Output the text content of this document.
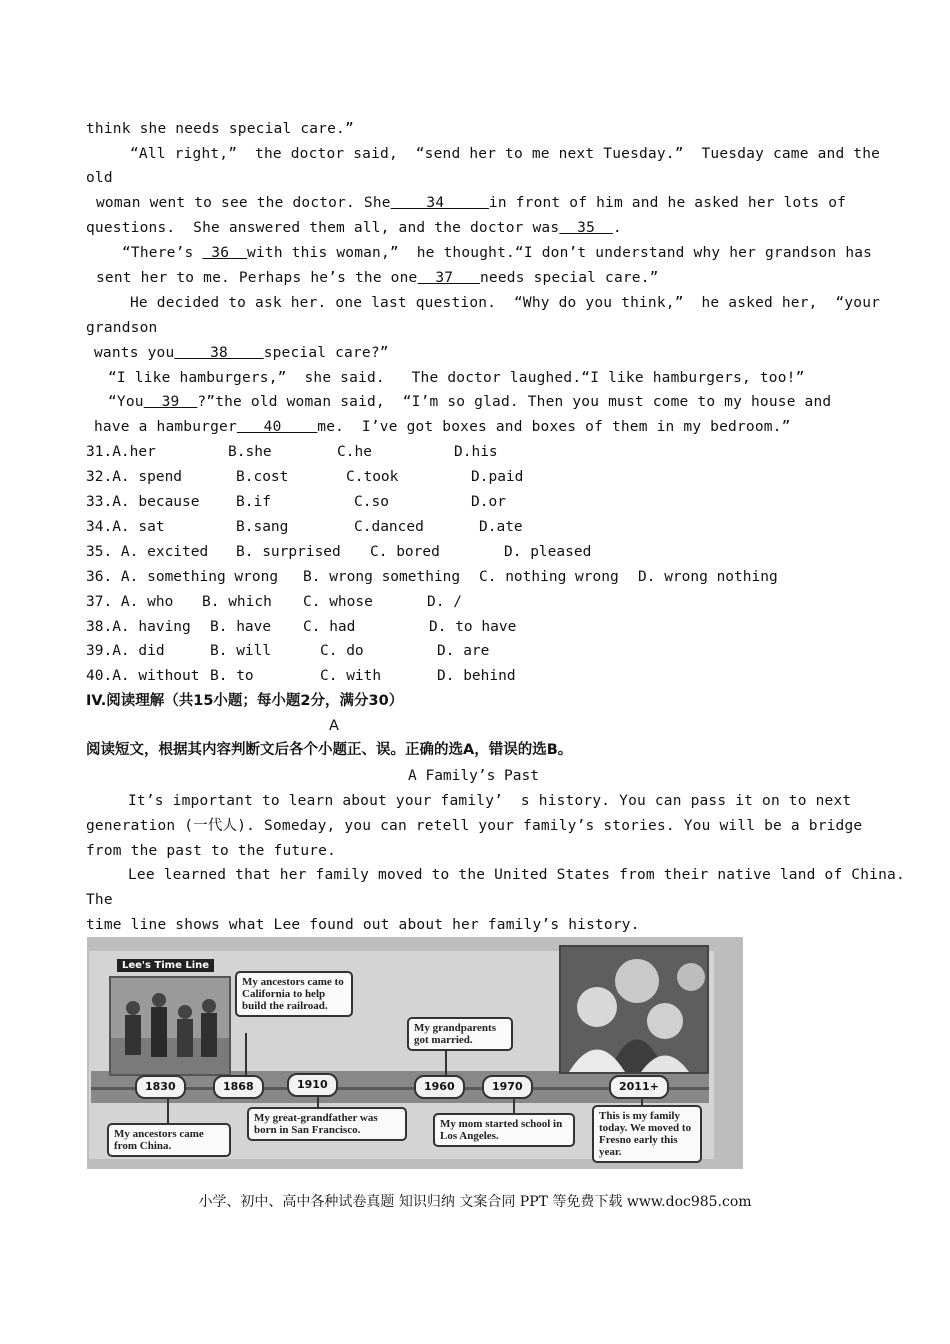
think she needs special care.”
“All right,”  the doctor said,  “send her to me next Tuesday.”  Tuesday came and the
old
woman went to see the doctor. She    34     in front of him and he asked her lots of
questions.  She answered them all, and the doctor was  35  .
“There’s  36  with this woman,”  he thought.“I don’t understand why her grandson has
sent her to me. Perhaps he’s the one  37   needs special care.”
He decided to ask her. one last question.  “Why do you think,”  he asked her,  “your
grandson
wants you    38    special care?”
“I like hamburgers,”  she said.   The doctor laughed.“I like hamburgers, too!”
“You  39  ?”the old woman said,  “I’m so glad. Then you must come to my house and
have a hamburger   40    me.  I’ve got boxes and boxes of them in my bedroom.”
31.A.her	B.she	C.he	D.his
32.A. spend	B.cost	C.took	D.paid
33.A. because	B.if	C.so	D.or
34.A. sat	B.sang	C.danced	D.ate
35. A. excited B. surprised C. bored	D. pleased
36. A. something wrong B. wrong something C. nothing wrong D. wrong nothing
37. A. who B. which C. whose	D. /
38.A. having B. have C. had	D. to have
39.A. did	B. will	C. do	D. are
40.A. without B. to	C. with	D. behind
IV.阅读理解（共15小题；每小题2分，满分30）
A
阅读短文，根据其内容判断文后各个小题正、误。正确的选A，错误的选B。
A Family’s Past
It’s important to learn about your family’  s history. You can pass it on to next
generation (一代人). Someday, you can retell your family’s stories. You will be a bridge
from the past to the future.
Lee learned that her family moved to the United States from their native land of China.
The
time line shows what Lee found out about her family’s history.
Lee's Time Line
1830	1868	1910	1960	1970	2011+
My ancestors came from China.
My ancestors came to California to help build the railroad.
My great-grandfather was born in San Francisco.
My grandparents got married.
My mom started school in Los Angeles.
This is my family today. We moved to Fresno early this year.
小学、初中、高中各种试卷真题 知识归纳 文案合同 PPT 等免费下载 www.doc985.com
